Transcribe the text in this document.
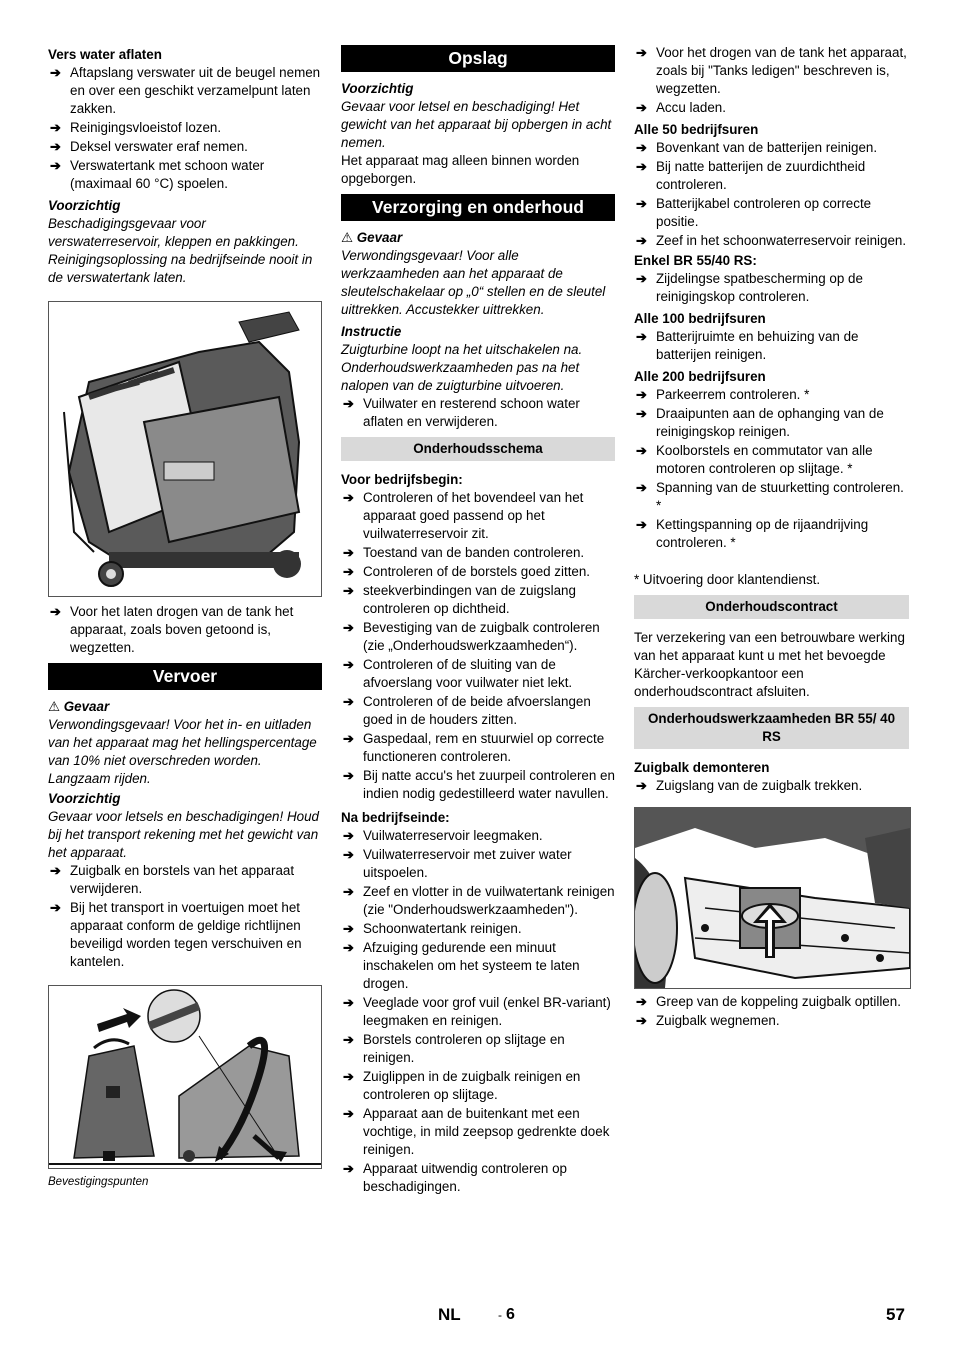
Vers water aflaten

➔ Aftapslang verswater uit de beugel nemen en over een geschikt verzamelpunt laten zakken.
➔ Reinigingsvloeistof lozen.
➔ Deksel verswater eraf nemen.
➔ Verswatertank met schoon water (maximaal 60 °C) spoelen.

Voorzichtig

Beschadigingsgevaar voor verswaterreservoir, kleppen en pakkingen. Reinigingsoplossing na bedrijfseinde nooit in de verswatertank laten.

➔ Voor het laten drogen van de tank het apparaat, zoals boven getoond is, wegzetten.
Vervoer

⚠ Gevaar

Verwondingsgevaar! Voor het in- en uitladen van het apparaat mag het hellingspercentage van 10% niet overschreden worden. Langzaam rijden.

Voorzichtig

Gevaar voor letsels en beschadigingen! Houd bij het transport rekening met het gewicht van het apparaat.

➔ Zuigbalk en borstels van het apparaat verwijderen.
➔ Bij het transport in voertuigen moet het apparaat conform de geldige richtlijnen beveiligd worden tegen verschuiven en kantelen.

Bevestigingspunten

Opslag

Voorzichtig

Gevaar voor letsel en beschadiging! Het gewicht van het apparaat bij opbergen in acht nemen.

Het apparaat mag alleen binnen worden opgeborgen.

Verzorging en onderhoud

⚠ Gevaar

Verwondingsgevaar! Voor alle werkzaamheden aan het apparaat de sleutelschakelaar op „0“ stellen en de sleutel uittrekken. Accustekker uittrekken.

Instructie

Zuigturbine loopt na het uitschakelen na. Onderhoudswerkzaamheden pas na het nalopen van de zuigturbine uitvoeren.

➔ Vuilwater en resterend schoon water aflaten en verwijderen.
Onderhoudsschema

Voor bedrijfsbegin:

➔ Controleren of het bovendeel van het apparaat goed passend op het vuilwaterreservoir zit.
➔ Toestand van de banden controleren.
➔ Controleren of de borstels goed zitten.
➔ steekverbindingen van de zuigslang controleren op dichtheid.
➔ Bevestiging van de zuigbalk controleren (zie „Onderhoudswerkzaamheden“).
➔ Controleren of de sluiting van de afvoerslang voor vuilwater niet lekt.
➔ Controleren of de beide afvoerslangen goed in de houders zitten.
➔ Gaspedaal, rem en stuurwiel op correcte functioneren controleren.
➔ Bij natte accu's het zuurpeil controleren en indien nodig gedestilleerd water navullen.

Na bedrijfseinde:

➔ Vuilwaterreservoir leegmaken.
➔ Vuilwaterreservoir met zuiver water uitspoelen.
➔ Zeef en vlotter in de vuilwatertank reinigen (zie "Onderhoudswerkzaamheden").
➔ Schoonwatertank reinigen.
➔ Afzuiging gedurende een minuut inschakelen om het systeem te laten drogen.
➔ Veeglade voor grof vuil (enkel BR-variant) leegmaken en reinigen.
➔ Borstels controleren op slijtage en reinigen.
➔ Zuiglippen in de zuigbalk reinigen en controleren op slijtage.
➔ Apparaat aan de buitenkant met een vochtige, in mild zeepsop gedrenkte doek reinigen.
➔ Apparaat uitwendig controleren op beschadigingen.
➔ Voor het drogen van de tank het apparaat, zoals bij "Tanks ledigen" beschreven is, wegzetten.
➔ Accu laden.

Alle 50 bedrijfsuren

➔ Bovenkant van de batterijen reinigen.
➔ Bij natte batterijen de zuurdichtheid controleren.
➔ Batterijkabel controleren op correcte positie.
➔ Zeef in het schoonwaterreservoir reinigen.

Enkel BR 55/40 RS:

➔ Zijdelingse spatbescherming op de reinigingskop controleren.

Alle 100 bedrijfsuren

➔ Batterijruimte en behuizing van de batterijen reinigen.

Alle 200 bedrijfsuren

➔ Parkeerrem controleren. *
➔ Draaipunten aan de ophanging van de reinigingskop reinigen.
➔ Koolborstels en commutator van alle motoren controleren op slijtage. *
➔ Spanning van de stuurketting controleren. *
➔ Kettingspanning op de rijaandrijving controleren. *

* Uitvoering door klantendienst.

Onderhoudscontract

Ter verzekering van een betrouwbare werking van het apparaat kunt u met het bevoegde Kärcher-verkoopkantoor een onderhoudscontract afsluiten.

Onderhoudswerkzaamheden BR 55/ 40 RS

Zuigbalk demonteren

➔ Zuigslang van de zuigbalk trekken.
➔ Greep van de koppeling zuigbalk optillen.
➔ Zuigbalk wegnemen.
NL	- 6	57
